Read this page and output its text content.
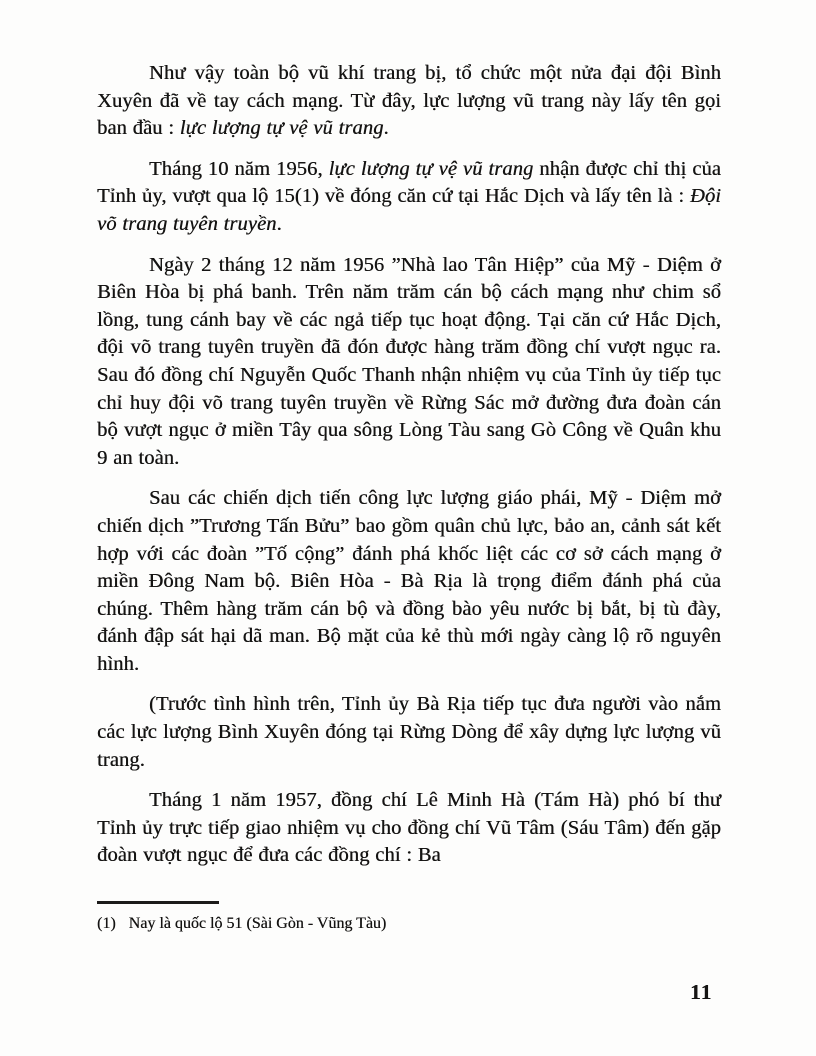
Như vậy toàn bộ vũ khí trang bị, tổ chức một nửa đại đội Bình Xuyên đã về tay cách mạng. Từ đây, lực lượng vũ trang này lấy tên gọi ban đầu : lực lượng tự vệ vũ trang.

Tháng 10 năm 1956, lực lượng tự vệ vũ trang nhận được chỉ thị của Tỉnh ủy, vượt qua lộ 15(1) về đóng căn cứ tại Hắc Dịch và lấy tên là : Đội võ trang tuyên truyền.

Ngày 2 tháng 12 năm 1956 ”Nhà lao Tân Hiệp” của Mỹ - Diệm ở Biên Hòa bị phá banh. Trên năm trăm cán bộ cách mạng như chim sổ lồng, tung cánh bay về các ngả tiếp tục hoạt động. Tại căn cứ Hắc Dịch, đội võ trang tuyên truyền đã đón được hàng trăm đồng chí vượt ngục ra. Sau đó đồng chí Nguyễn Quốc Thanh nhận nhiệm vụ của Tỉnh ủy tiếp tục chỉ huy đội võ trang tuyên truyền về Rừng Sác mở đường đưa đoàn cán bộ vượt ngục ở miền Tây qua sông Lòng Tàu sang Gò Công về Quân khu 9 an toàn.

Sau các chiến dịch tiến công lực lượng giáo phái, Mỹ - Diệm mở chiến dịch ”Trương Tấn Bửu” bao gồm quân chủ lực, bảo an, cảnh sát kết hợp với các đoàn ”Tố cộng” đánh phá khốc liệt các cơ sở cách mạng ở miền Đông Nam bộ. Biên Hòa - Bà Rịa là trọng điểm đánh phá của chúng. Thêm hàng trăm cán bộ và đồng bào yêu nước bị bắt, bị tù đày, đánh đập sát hại dã man. Bộ mặt của kẻ thù mới ngày càng lộ rõ nguyên hình.

(Trước tình hình trên, Tỉnh ủy Bà Rịa tiếp tục đưa người vào nắm các lực lượng Bình Xuyên đóng tại Rừng Dòng để xây dựng lực lượng vũ trang.

Tháng 1 năm 1957, đồng chí Lê Minh Hà (Tám Hà) phó bí thư Tỉnh ủy trực tiếp giao nhiệm vụ cho đồng chí Vũ Tâm (Sáu Tâm) đến gặp đoàn vượt ngục để đưa các đồng chí : Ba

(1) Nay là quốc lộ 51 (Sài Gòn - Vũng Tàu)
11
